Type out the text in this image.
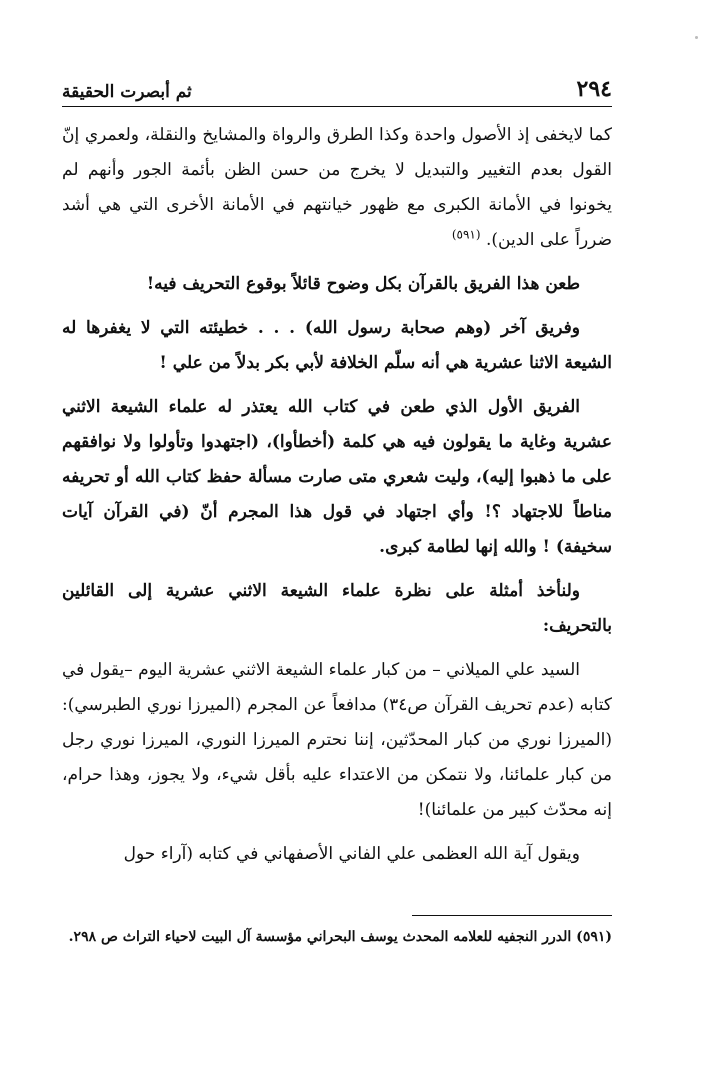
٢٩٤
ثم أبصرت الحقيقة

كما لايخفى إذ الأصول واحدة وكذا الطرق والرواة والمشايخ والنقلة، ولعمري إنّ القول بعدم التغيير والتبديل لا يخرج من حسن الظن بأئمة الجور وأنهم لم يخونوا في الأمانة الكبرى مع ظهور خيانتهم في الأمانة الأخرى التي هي أشد ضرراً على الدين). $^{(٥٩١)}$

طعن هذا الفريق بالقرآن بكل وضوح قائلاً بوقوع التحريف فيه!

وفريق آخر (وهم صحابة رسول الله) . . . خطيئته التي لا يغفرها له الشيعة الاثنا عشرية هي أنه سلّم الخلافة لأبي بكر بدلاً من علي !

الفريق الأول الذي طعن في كتاب الله يعتذر له علماء الشيعة الاثني عشرية وغاية ما يقولون فيه هي كلمة (أخطأوا)، (اجتهدوا وتأولوا ولا نوافقهم على ما ذهبوا إليه)، وليت شعري متى صارت مسألة حفظ كتاب الله أو تحريفه مناطاً للاجتهاد ؟! وأي اجتهاد في قول هذا المجرم أنّ (في القرآن آيات سخيفة) ! والله إنها لطامة كبرى.

ولنأخذ أمثلة على نظرة علماء الشيعة الاثني عشرية إلى القائلين بالتحريف:

السيد علي الميلاني – من كبار علماء الشيعة الاثني عشرية اليوم –يقول في كتابه (عدم تحريف القرآن ص٣٤) مدافعاً عن المجرم (الميرزا نوري الطبرسي): (الميرزا نوري من كبار المحدّثين، إننا نحترم الميرزا النوري، الميرزا نوري رجل من كبار علمائنا، ولا نتمكن من الاعتداء عليه بأقل شيء، ولا يجوز، وهذا حرام، إنه محدّث كبير من علمائنا)!

ويقول آية الله العظمى علي الفاني الأصفهاني في كتابه (آراء حول

(٥٩١) الدرر النجفيه للعلامه المحدث يوسف البحراني مؤسسة آل البيت لاحياء التراث ص ٢٩٨.
